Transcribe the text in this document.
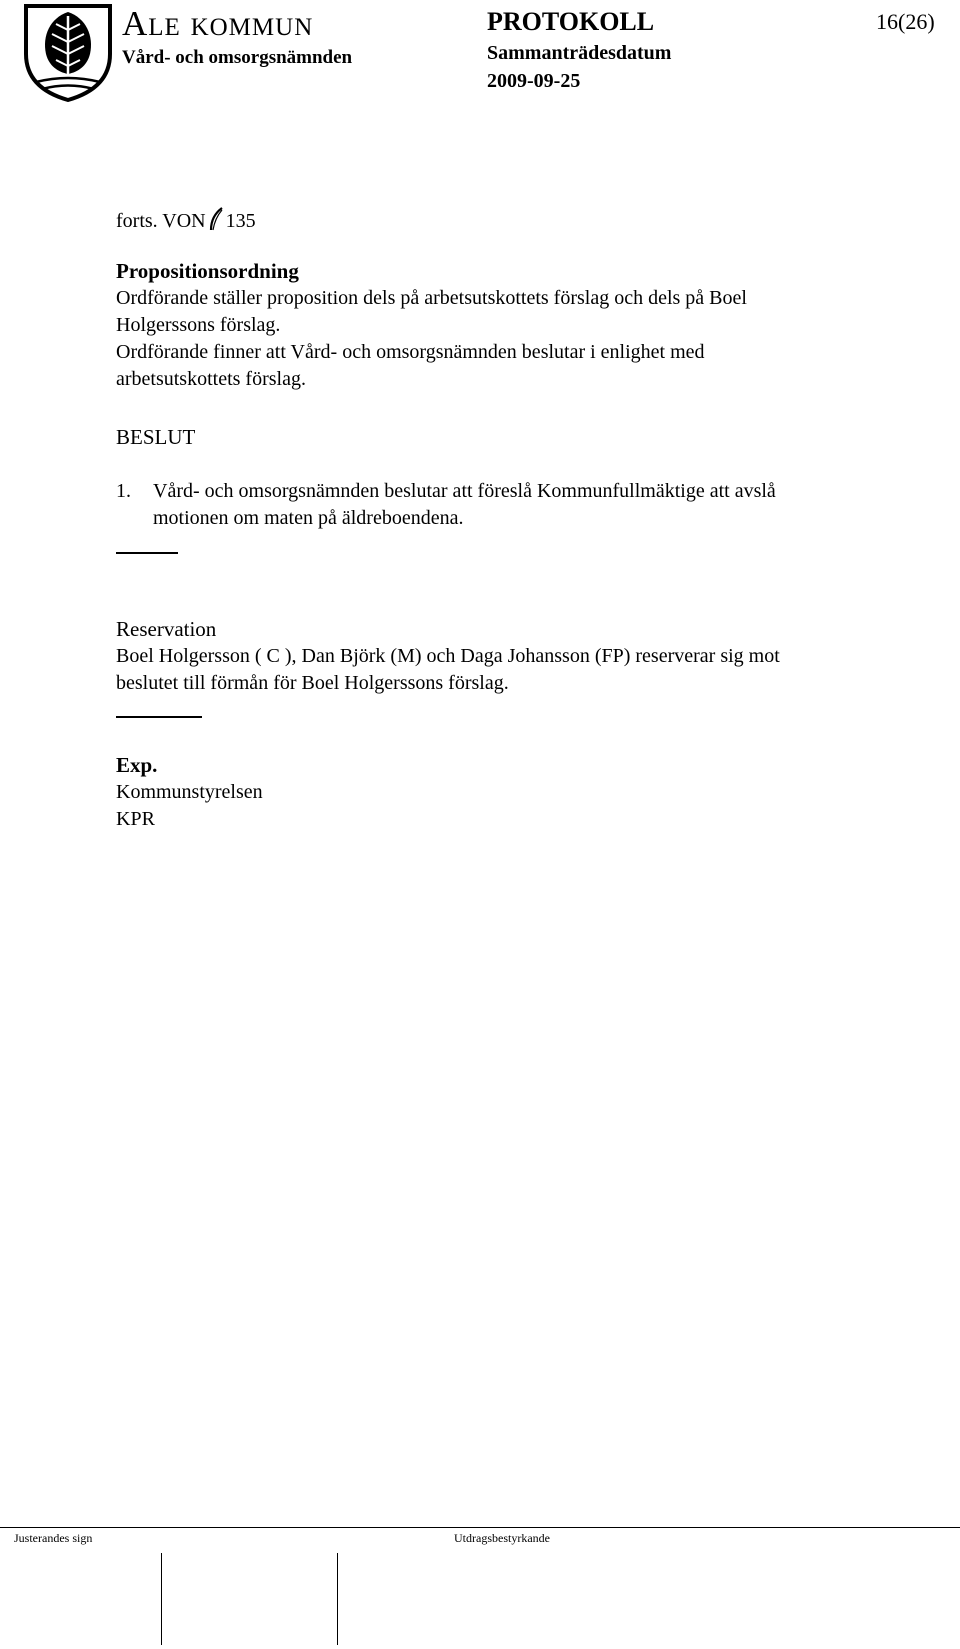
Ale kommun
Vård- och omsorgsnämnden
PROTOKOLL	16(26)
Sammanträdesdatum
2009-09-25
forts. VON 135
Propositionsordning
Ordförande ställer proposition dels på arbetsutskottets förslag och dels på Boel
Holgerssons förslag.
Ordförande finner att Vård- och omsorgsnämnden beslutar i enlighet med
arbetsutskottets förslag.
BESLUT
1. Vård- och omsorgsnämnden beslutar att föreslå Kommunfullmäktige att avslå
motionen om maten på äldreboendena.
Reservation
Boel Holgersson ( C ), Dan Björk (M) och Daga Johansson (FP) reserverar sig mot
beslutet till förmån för Boel Holgerssons förslag.
Exp.
Kommunstyrelsen
KPR
Justerandes sign	Utdragsbestyrkande
